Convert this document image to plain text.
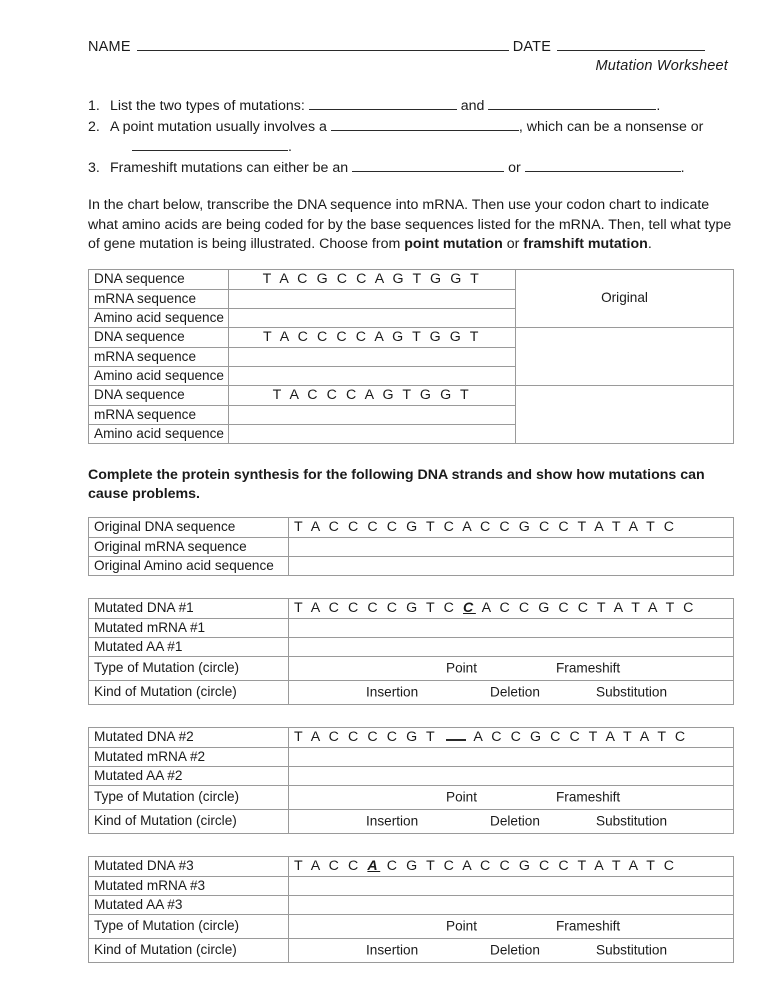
NAME	DATE
Mutation Worksheet
1. List the two types of mutations:	and	.
2. A point mutation usually involves a	, which can be a nonsense or
.
3. Frameshift mutations can either be an	or	.
In the chart below, transcribe the DNA sequence into mRNA. Then use your codon chart to indicate what amino acids are being coded for by the base sequences listed for the mRNA. Then, tell what type of gene mutation is being illustrated. Choose from point mutation or framshift mutation.
DNA sequence	T A C G C C A G T G G T	Original
mRNA sequence		
Amino acid sequence		
DNA sequence	T A C C C C A G T G G T	
mRNA sequence		
Amino acid sequence		
DNA sequence	T A C C C A G T G G T	
mRNA sequence		
Amino acid sequence		
Complete the protein synthesis for the following DNA strands and show how mutations can cause problems.
Original DNA sequence	T A C C C C G T C A C C G C C T A T A T C
Original mRNA sequence	
Original Amino acid sequence	
Mutated DNA #1	T A C C C C G T C C A C C G C C T A T A T C
Mutated mRNA #1	
Mutated AA #1	
Type of Mutation (circle)	Point Frameshift

Kind of Mutation (circle)	Insertion Deletion Substitution
Mutated DNA #2	T A C C C C G T  A C C G C C T A T A T C
Mutated mRNA #2	
Mutated AA #2	
Type of Mutation (circle)	Point Frameshift

Kind of Mutation (circle)	Insertion Deletion Substitution
Mutated DNA #3	T A C C A C G T C A C C G C C T A T A T C
Mutated mRNA #3	
Mutated AA #3	
Type of Mutation (circle)	Point Frameshift

Kind of Mutation (circle)	Insertion Deletion Substitution
